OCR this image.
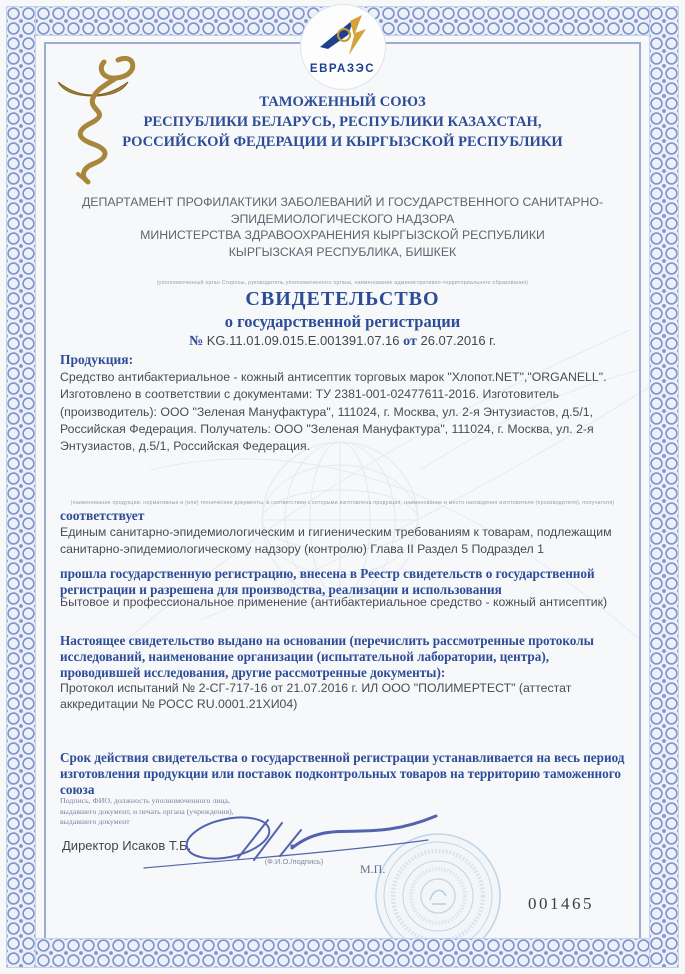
ЕВРАЗЭС
ТАМОЖЕННЫЙ СОЮЗ
РЕСПУБЛИКИ БЕЛАРУСЬ, РЕСПУБЛИКИ КАЗАХСТАН,
РОССИЙСКОЙ ФЕДЕРАЦИИ И КЫРГЫЗСКОЙ РЕСПУБЛИКИ
ДЕПАРТАМЕНТ ПРОФИЛАКТИКИ ЗАБОЛЕВАНИЙ И ГОСУДАРСТВЕННОГО САНИТАРНО-
ЭПИДЕМИОЛОГИЧЕСКОГО НАДЗОРА
МИНИСТЕРСТВА ЗДРАВООХРАНЕНИЯ КЫРГЫЗСКОЙ РЕСПУБЛИКИ
КЫРГЫЗСКАЯ РЕСПУБЛИКА, БИШКЕК
(уполномоченный орган Стороны, руководитель уполномоченного органа, наименование административно-территориального образования)
СВИДЕТЕЛЬСТВО
о государственной регистрации
№ KG.11.01.09.015.E.001391.07.16 от 26.07.2016 г.
Продукция:
Средство антибактериальное - кожный антисептик торговых марок "Хлопот.NET","ORGANELL". Изготовлено в соответствии с документами: ТУ 2381-001-02477611-2016. Изготовитель (производитель): ООО "Зеленая Мануфактура", 111024, г. Москва, ул. 2-я Энтузиастов, д.5/1, Российская Федерация. Получатель: ООО "Зеленая Мануфактура", 111024, г. Москва, ул. 2-я Энтузиастов, д.5/1, Российская Федерация.
(наименование продукции, нормативные и (или) технические документы, в соответствии с которыми изготовлена продукция, наименование и место нахождения изготовителя (производителя), получателя)
соответствует
Единым санитарно-эпидемиологическим и гигиеническим требованиям к товарам, подлежащим санитарно-эпидемиологическому надзору (контролю) Глава II Раздел 5 Подраздел 1
прошла государственную регистрацию, внесена в Реестр свидетельств о государственной регистрации и разрешена для производства, реализации и использования
Бытовое и профессиональное применение (антибактериальное средство - кожный антисептик)
Настоящее свидетельство выдано на основании (перечислить рассмотренные протоколы исследований, наименование организации (испытательной лаборатории, центра), проводившей исследования, другие рассмотренные документы):
Протокол испытаний № 2-СГ-717-16 от 21.07.2016 г. ИЛ ООО "ПОЛИМЕРТЕСТ" (аттестат аккредитации № РОСС RU.0001.21ХИ04)
Срок действия свидетельства о государственной регистрации устанавливается на весь период изготовления продукции или поставок подконтрольных товаров на территорию таможенного союза
Подпись, ФИО, должность уполномоченного лица,
выдавшего документ, и печать органа (учреждения),
выдавшего документ
Директор Исаков Т.Б.
(Ф.И.О./подпись)
М.П.
001465
